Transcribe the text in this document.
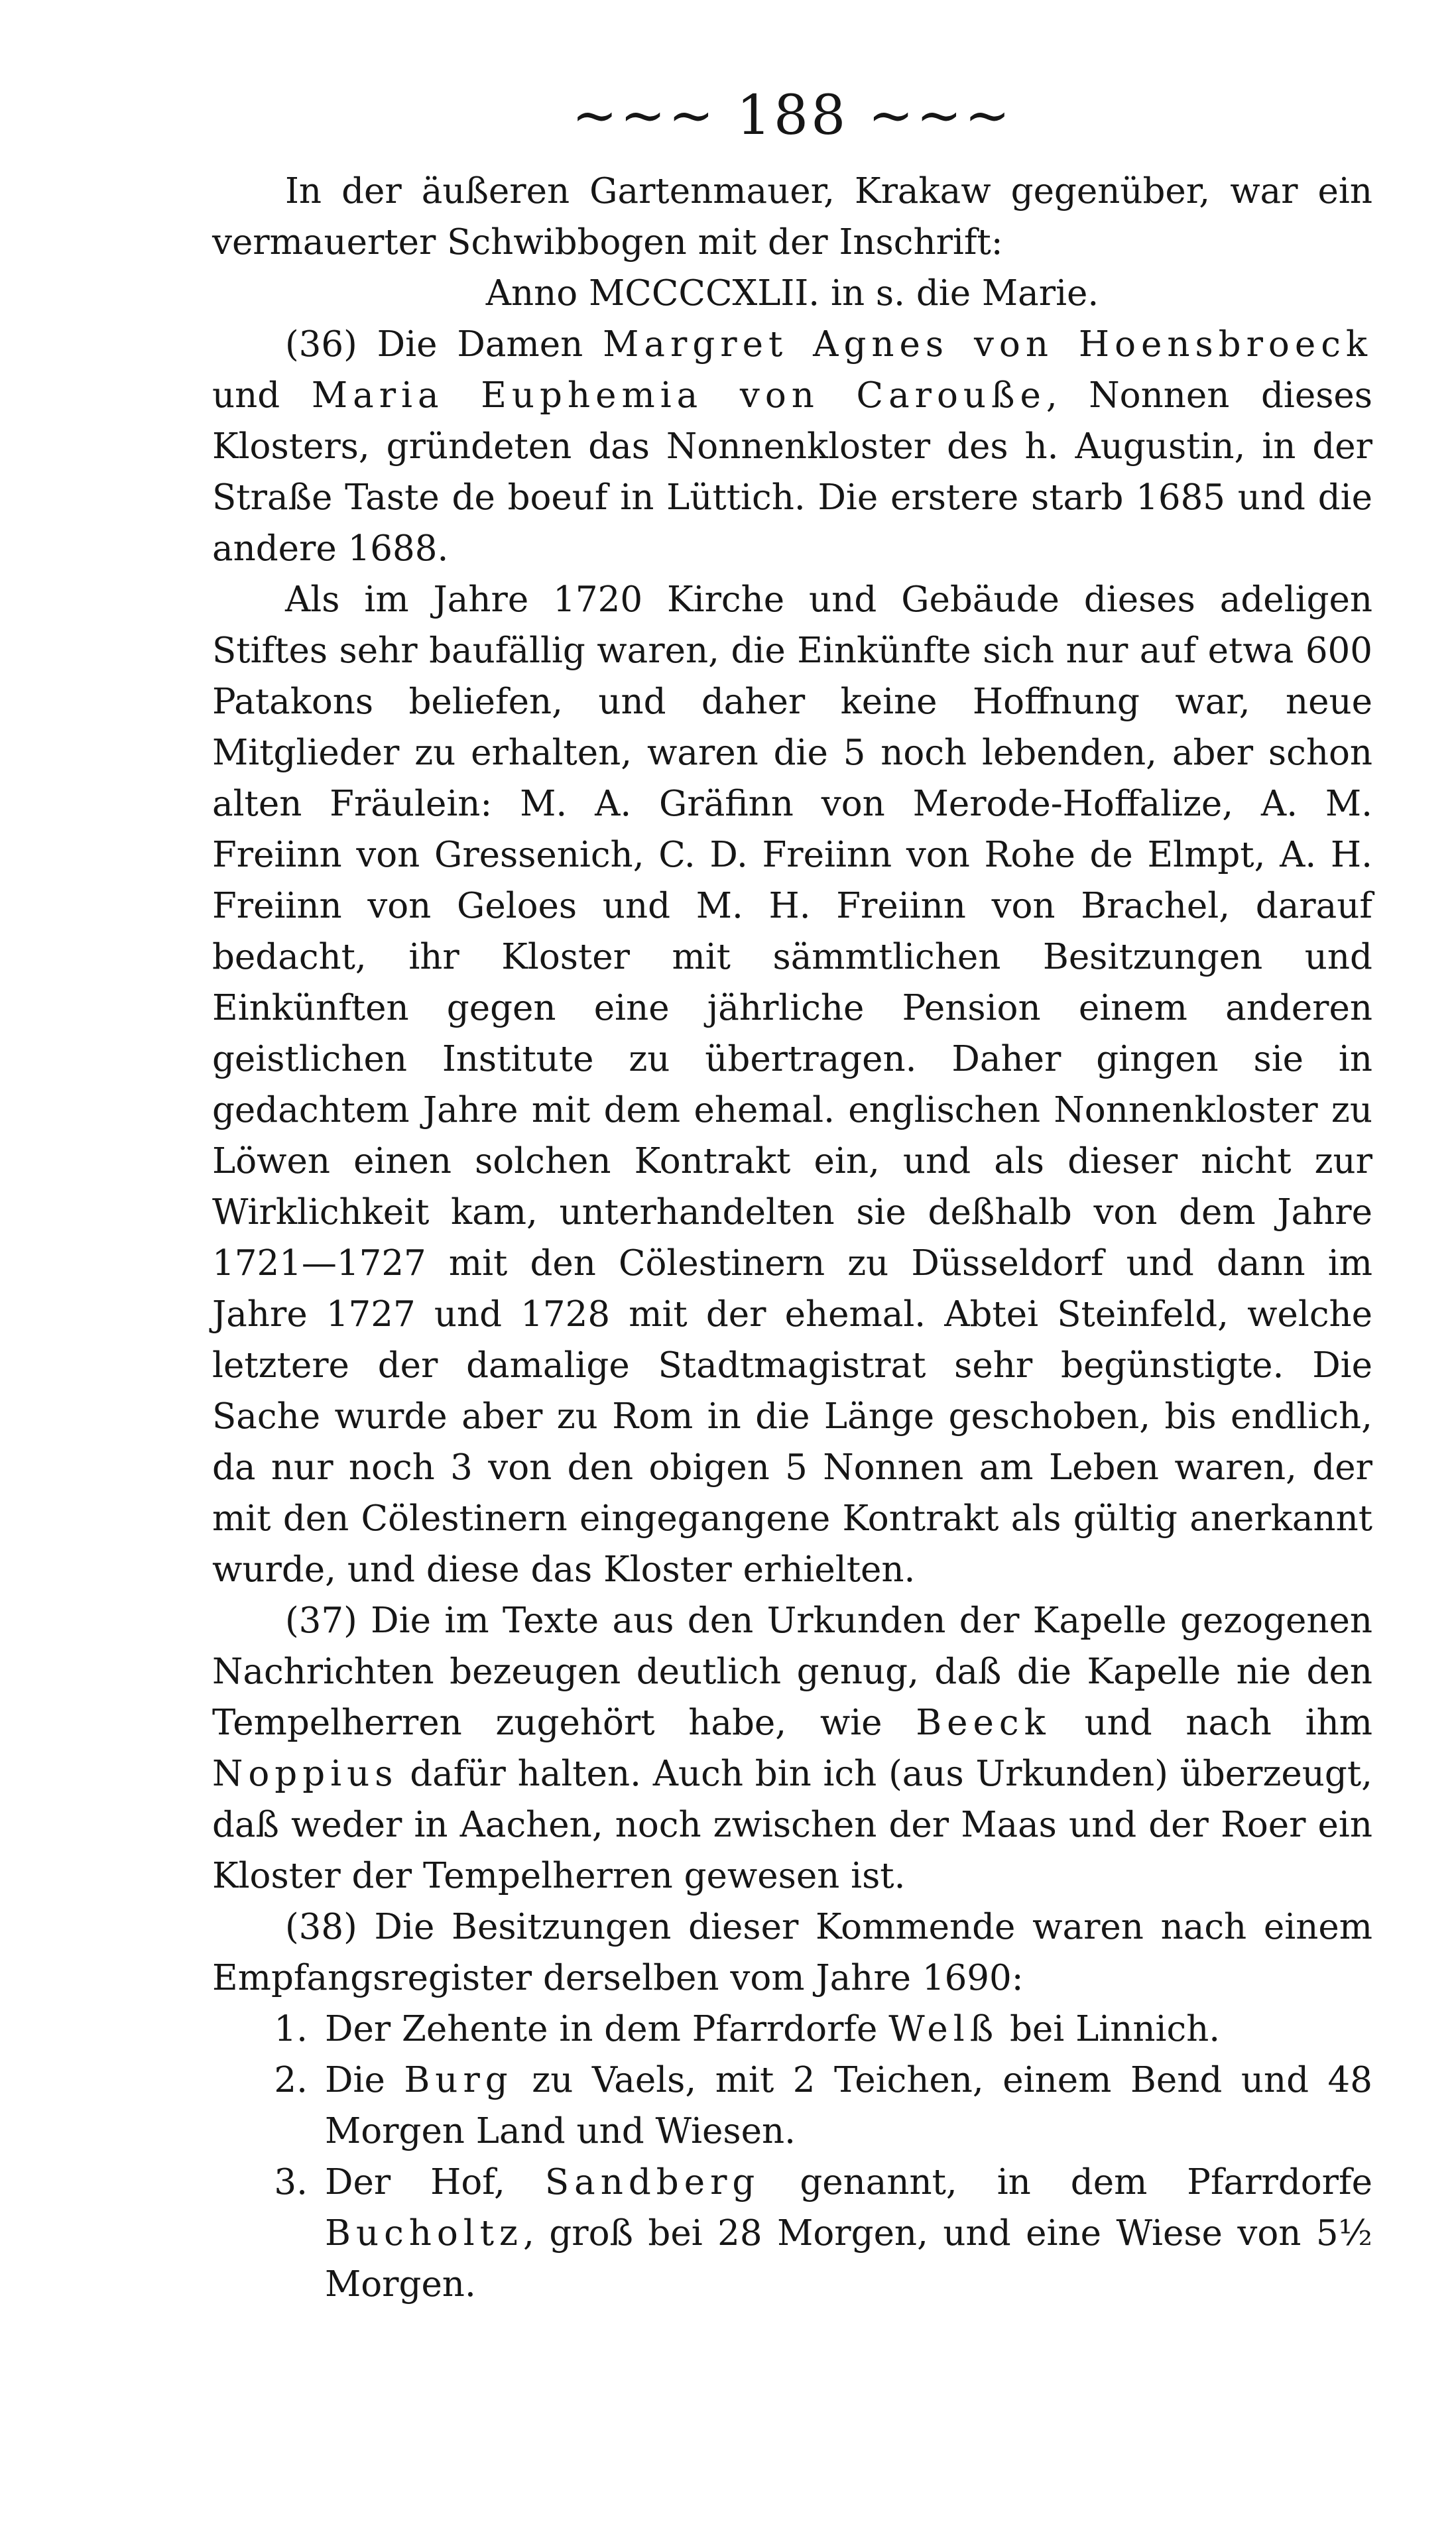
~~~ 188 ~~~

In der äußeren Gartenmauer, Krakaw gegenüber, war ein vermauerter Schwibbogen mit der Inschrift:

Anno MCCCCXLII. in s. die Marie.

(36) Die Damen Margret Agnes von Hoensbroeck und Maria Euphemia von Carouße, Nonnen dieses Klosters, gründeten das Nonnenkloster des h. Augustin, in der Straße Taste de boeuf in Lüttich. Die erstere starb 1685 und die andere 1688.

Als im Jahre 1720 Kirche und Gebäude dieses adeligen Stiftes sehr baufällig waren, die Einkünfte sich nur auf etwa 600 Patakons beliefen, und daher keine Hoffnung war, neue Mitglieder zu erhalten, waren die 5 noch lebenden, aber schon alten Fräulein: M. A. Gräfinn von Merode-Hoffalize, A. M. Freiinn von Gressenich, C. D. Freiinn von Rohe de Elmpt, A. H. Freiinn von Geloes und M. H. Freiinn von Brachel, darauf bedacht, ihr Kloster mit sämmtlichen Besitzungen und Einkünften gegen eine jährliche Pension einem anderen geistlichen Institute zu übertragen. Daher gingen sie in gedachtem Jahre mit dem ehemal. englischen Nonnenkloster zu Löwen einen solchen Kontrakt ein, und als dieser nicht zur Wirklichkeit kam, unterhandelten sie deßhalb von dem Jahre 1721—1727 mit den Cölestinern zu Düsseldorf und dann im Jahre 1727 und 1728 mit der ehemal. Abtei Steinfeld, welche letztere der damalige Stadtmagistrat sehr begünstigte. Die Sache wurde aber zu Rom in die Länge geschoben, bis endlich, da nur noch 3 von den obigen 5 Nonnen am Leben waren, der mit den Cölestinern eingegangene Kontrakt als gültig anerkannt wurde, und diese das Kloster erhielten.

(37) Die im Texte aus den Urkunden der Kapelle gezogenen Nachrichten bezeugen deutlich genug, daß die Kapelle nie den Tempelherren zugehört habe, wie Beeck und nach ihm Noppius dafür halten. Auch bin ich (aus Urkunden) überzeugt, daß weder in Aachen, noch zwischen der Maas und der Roer ein Kloster der Tempelherren gewesen ist.

(38) Die Besitzungen dieser Kommende waren nach einem Empfangsregister derselben vom Jahre 1690:

1. Der Zehente in dem Pfarrdorfe Welß bei Linnich.
2. Die Burg zu Vaels, mit 2 Teichen, einem Bend und 48 Morgen Land und Wiesen.
3. Der Hof, Sandberg genannt, in dem Pfarrdorfe Bucholtz, groß bei 28 Morgen, und eine Wiese von 5½ Morgen.
